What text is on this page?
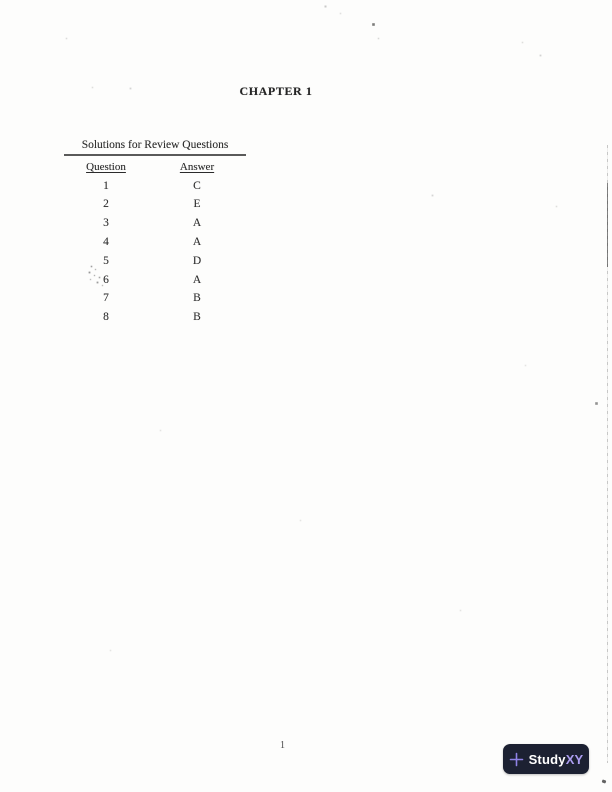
CHAPTER 1
Solutions for Review Questions
Question	Answer
1	C
2	E
3	A
4	A
5	D
6	A
7	B
8	B
1
StudyXY
